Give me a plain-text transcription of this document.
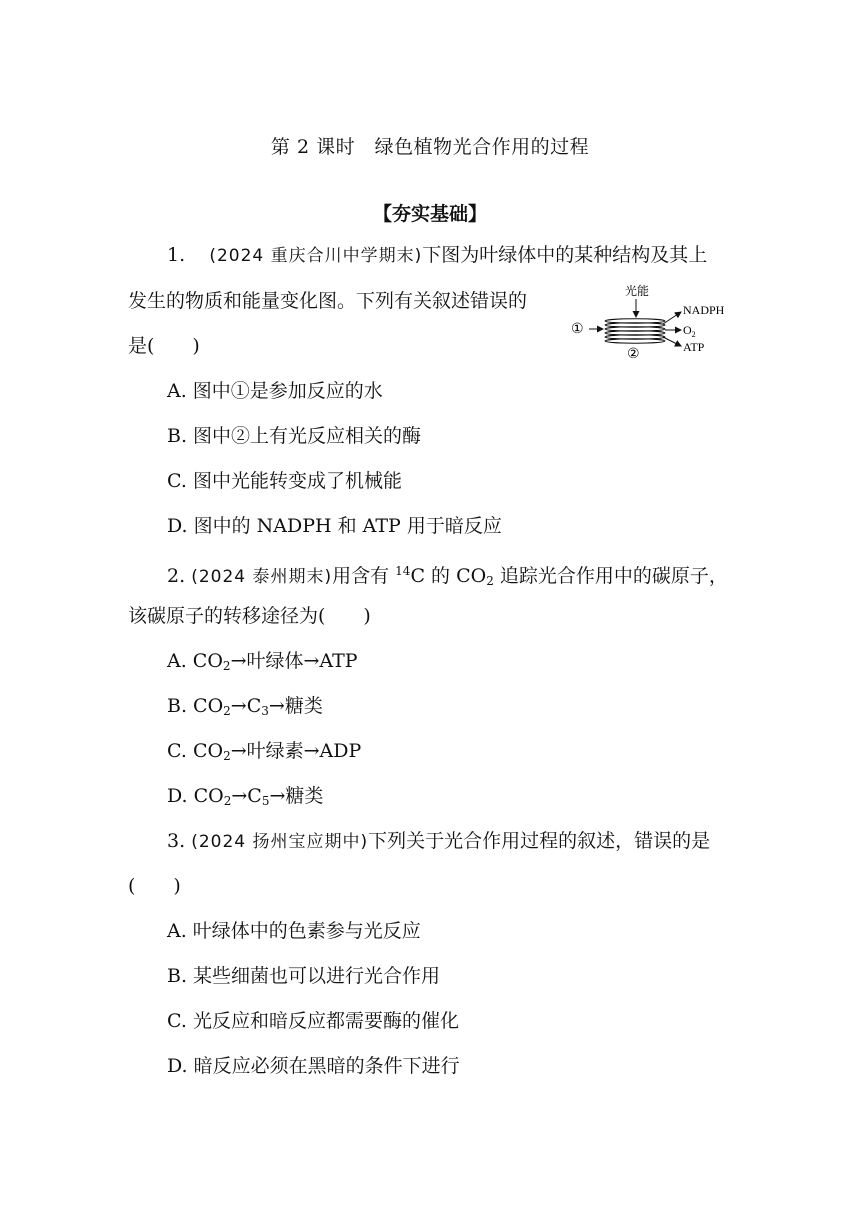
第 2 课时　绿色植物光合作用的过程
【夯实基础】
1. (2024 重庆合川中学期末)下图为叶绿体中的某种结构及其上
发生的物质和能量变化图。下列有关叙述错误的
是(　　)
光能
①
②
NADPH
$O_2$
ATP
A. 图中①是参加反应的水
B. 图中②上有光反应相关的酶
C. 图中光能转变成了机械能
D. 图中的 NADPH 和 ATP 用于暗反应
2. (2024 泰州期末)用含有 $^{14}$C 的 $CO_2$ 追踪光合作用中的碳原子，
该碳原子的转移途径为(　　)
A. $CO_2\to$叶绿体→ATP
B. $CO_2\to C_3\to$糖类
C. $CO_2\to$叶绿素→ADP
D. $CO_2\to C_5\to$糖类
3. (2024 扬州宝应期中)下列关于光合作用过程的叙述，错误的是
(　　)
A. 叶绿体中的色素参与光反应
B. 某些细菌也可以进行光合作用
C. 光反应和暗反应都需要酶的催化
D. 暗反应必须在黑暗的条件下进行
